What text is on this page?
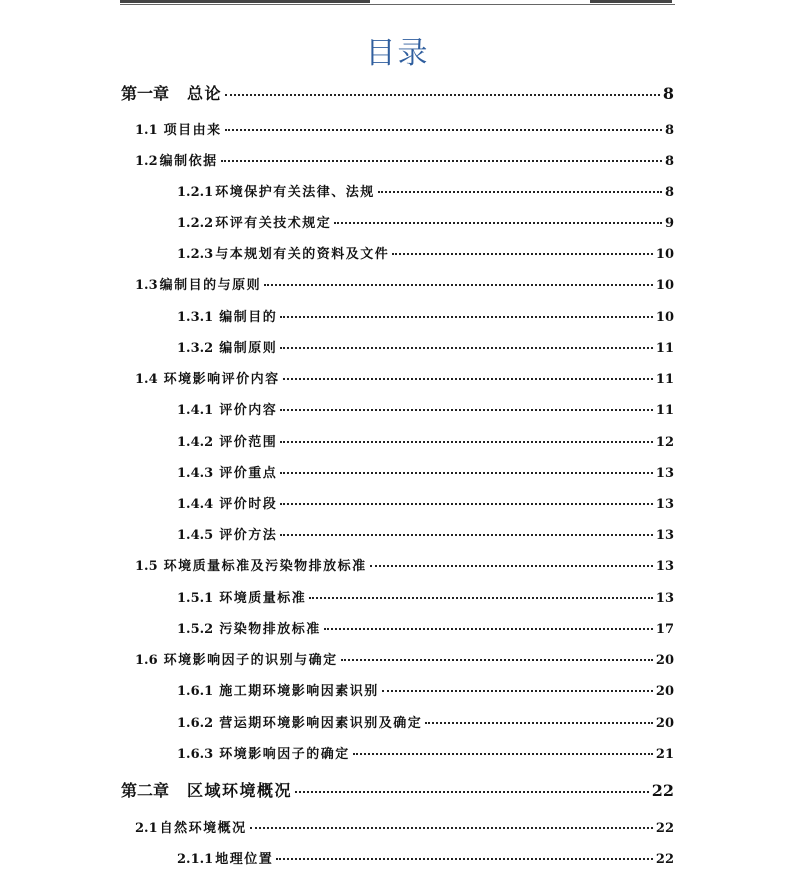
目录
第一章 总论	8
1.1 项目由来	8
1.2 编制依据	8
1.2.1 环境保护有关法律、法规	8
1.2.2 环评有关技术规定	9
1.2.3 与本规划有关的资料及文件	10
1.3 编制目的与原则	10
1.3.1 编制目的	10
1.3.2 编制原则	11
1.4 环境影响评价内容	11
1.4.1 评价内容	11
1.4.2 评价范围	12
1.4.3 评价重点	13
1.4.4 评价时段	13
1.4.5 评价方法	13
1.5 环境质量标准及污染物排放标准	13
1.5.1 环境质量标准	13
1.5.2 污染物排放标准	17
1.6 环境影响因子的识别与确定	20
1.6.1 施工期环境影响因素识别	20
1.6.2 营运期环境影响因素识别及确定	20
1.6.3 环境影响因子的确定	21
第二章 区域环境概况	22
2.1 自然环境概况	22
2.1.1 地理位置	22
